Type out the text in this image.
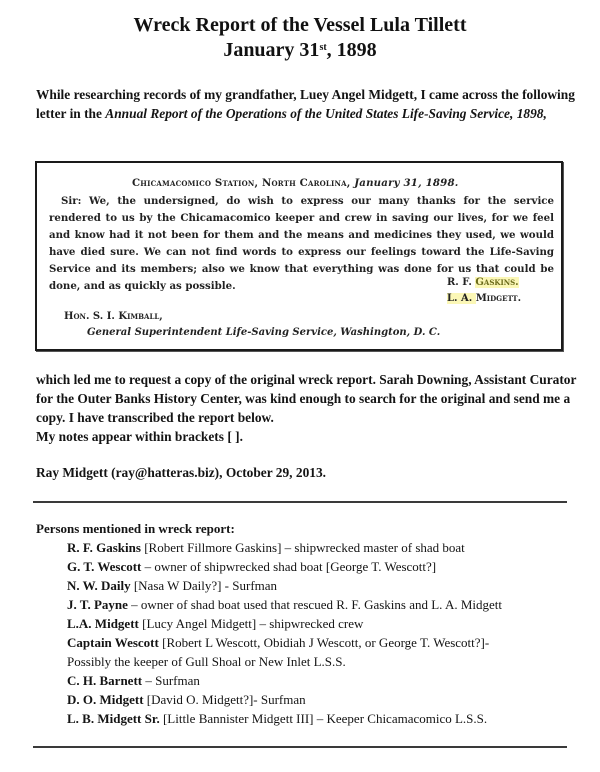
Wreck Report of the Vessel Lula Tillett
January 31st, 1898
While researching records of my grandfather, Luey Angel Midgett, I came across the following letter in the Annual Report of the Operations of the United States Life-Saving Service, 1898,
Chicamacomico Station, North Carolina, January 31, 1898.
Sir: We, the undersigned, do wish to express our many thanks for the service rendered to us by the Chicamacomico keeper and crew in saving our lives, for we feel and know had it not been for them and the means and medicines they used, we would have died sure. We can not find words to express our feelings toward the Life-Saving Service and its members; also we know that everything was done for us that could be done, and as quickly as possible.	R. F. Gaskins.
L. A. Midgett.
Hon. S. I. Kimball,
General Superintendent Life-Saving Service, Washington, D. C.
which led me to request a copy of the original wreck report. Sarah Downing, Assistant Curator for the Outer Banks History Center, was kind enough to search for the original and send me a copy. I have transcribed the report below.
My notes appear within brackets [ ].
Ray Midgett (ray@hatteras.biz), October 29, 2013.
Persons mentioned in wreck report:
R. F. Gaskins [Robert Fillmore Gaskins] – shipwrecked master of shad boat
G. T. Wescott – owner of shipwrecked shad boat [George T. Wescott?]
N. W. Daily [Nasa W Daily?] - Surfman
J. T. Payne – owner of shad boat used that rescued R. F. Gaskins and L. A. Midgett
L.A. Midgett [Lucy Angel Midgett] – shipwrecked crew
Captain Wescott [Robert L Wescott, Obidiah J Wescott, or George T. Wescott?]-
Possibly the keeper of Gull Shoal or New Inlet L.S.S.
C. H. Barnett – Surfman
D. O. Midgett [David O. Midgett?]- Surfman
L. B. Midgett Sr. [Little Bannister Midgett III] – Keeper Chicamacomico L.S.S.
